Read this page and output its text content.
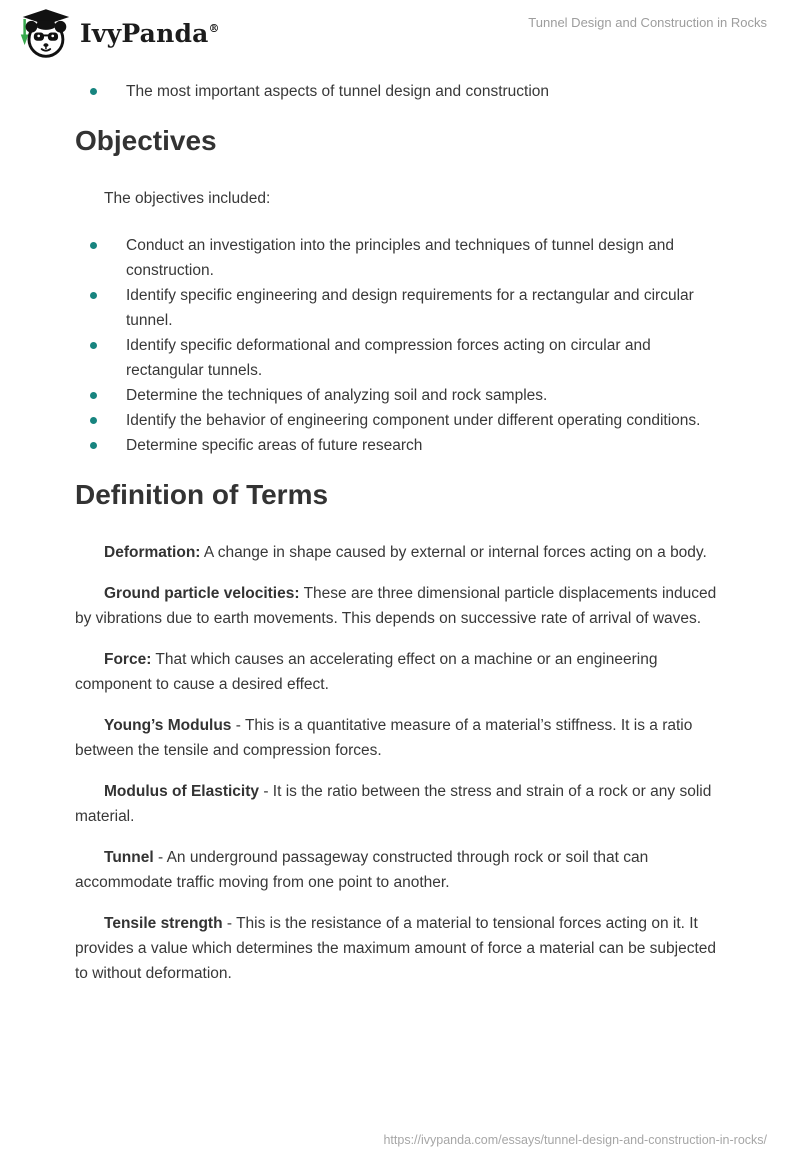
IvyPanda®	Tunnel Design and Construction in Rocks
The most important aspects of tunnel design and construction
Objectives

The objectives included:

Conduct an investigation into the principles and techniques of tunnel design and construction.
Identify specific engineering and design requirements for a rectangular and circular tunnel.
Identify specific deformational and compression forces acting on circular and rectangular tunnels.
Determine the techniques of analyzing soil and rock samples.
Identify the behavior of engineering component under different operating conditions.
Determine specific areas of future research
Definition of Terms

Deformation: A change in shape caused by external or internal forces acting on a body.

Ground particle velocities: These are three dimensional particle displacements induced by vibrations due to earth movements. This depends on successive rate of arrival of waves.

Force: That which causes an accelerating effect on a machine or an engineering component to cause a desired effect.

Young’s Modulus - This is a quantitative measure of a material’s stiffness. It is a ratio between the tensile and compression forces.

Modulus of Elasticity - It is the ratio between the stress and strain of a rock or any solid material.

Tunnel - An underground passageway constructed through rock or soil that can accommodate traffic moving from one point to another.

Tensile strength - This is the resistance of a material to tensional forces acting on it. It provides a value which determines the maximum amount of force a material can be subjected to without deformation.

https://ivypanda.com/essays/tunnel-design-and-construction-in-rocks/
